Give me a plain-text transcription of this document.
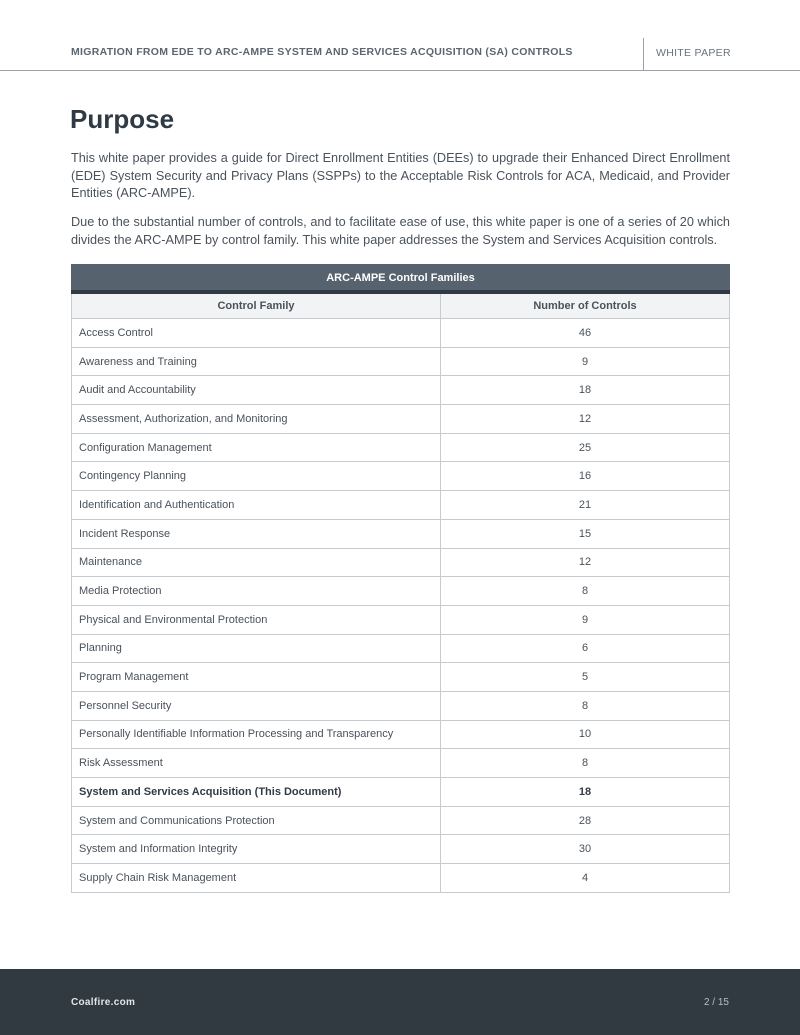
MIGRATION FROM EDE TO ARC-AMPE SYSTEM AND SERVICES ACQUISITION (SA) CONTROLS	WHITE PAPER
Purpose

This white paper provides a guide for Direct Enrollment Entities (DEEs) to upgrade their Enhanced Direct Enrollment (EDE) System Security and Privacy Plans (SSPPs) to the Acceptable Risk Controls for ACA, Medicaid, and Provider Entities (ARC-AMPE).

Due to the substantial number of controls, and to facilitate ease of use, this white paper is one of a series of 20 which divides the ARC-AMPE by control family. This white paper addresses the System and Services Acquisition controls.

ARC-AMPE Control Families	
Control Family	Number of Controls
Access Control	46
Awareness and Training	9
Audit and Accountability	18
Assessment, Authorization, and Monitoring	12
Configuration Management	25
Contingency Planning	16
Identification and Authentication	21
Incident Response	15
Maintenance	12
Media Protection	8
Physical and Environmental Protection	9
Planning	6
Program Management	5
Personnel Security	8
Personally Identifiable Information Processing and Transparency	10
Risk Assessment	8
System and Services Acquisition (This Document)	18
System and Communications Protection	28
System and Information Integrity	30
Supply Chain Risk Management	4
Coalfire.com	2 / 15
